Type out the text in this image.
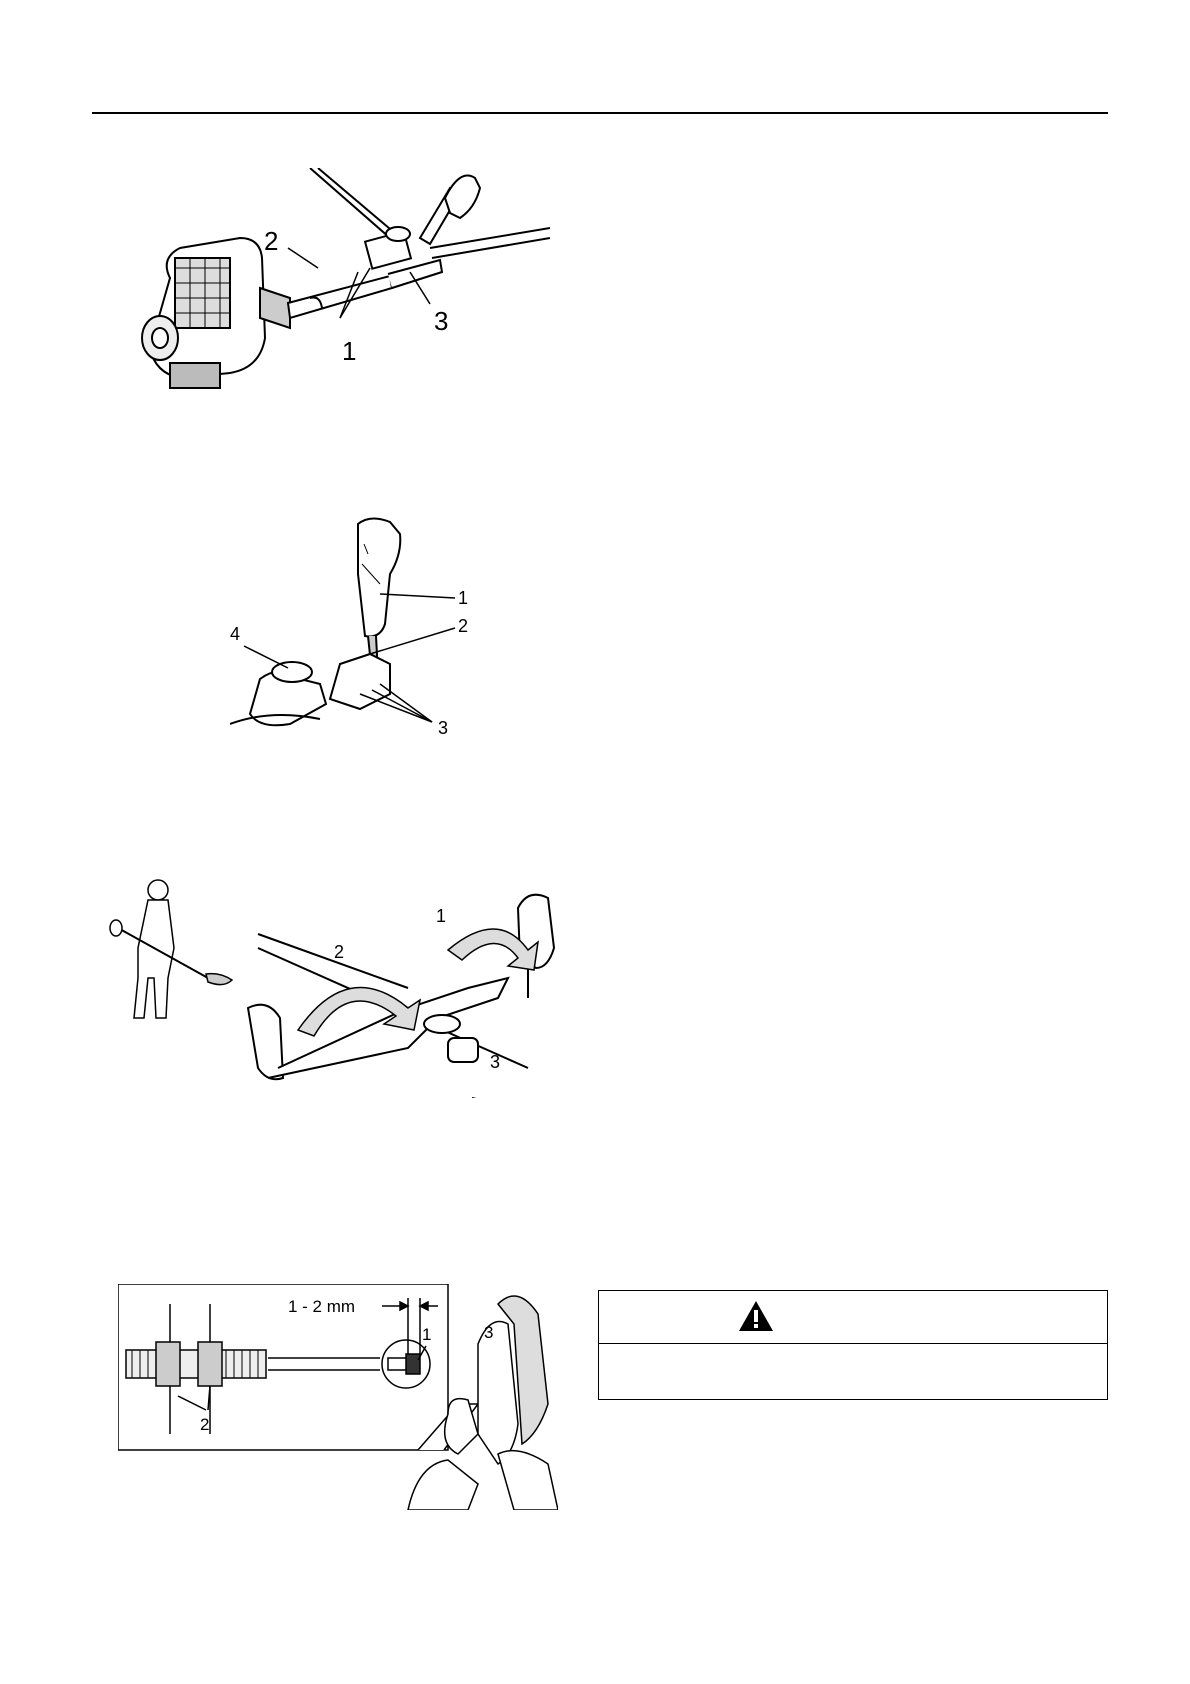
2
1
3
1
2
3
4
1
2
3
1 - 2 mm
1
2
3
